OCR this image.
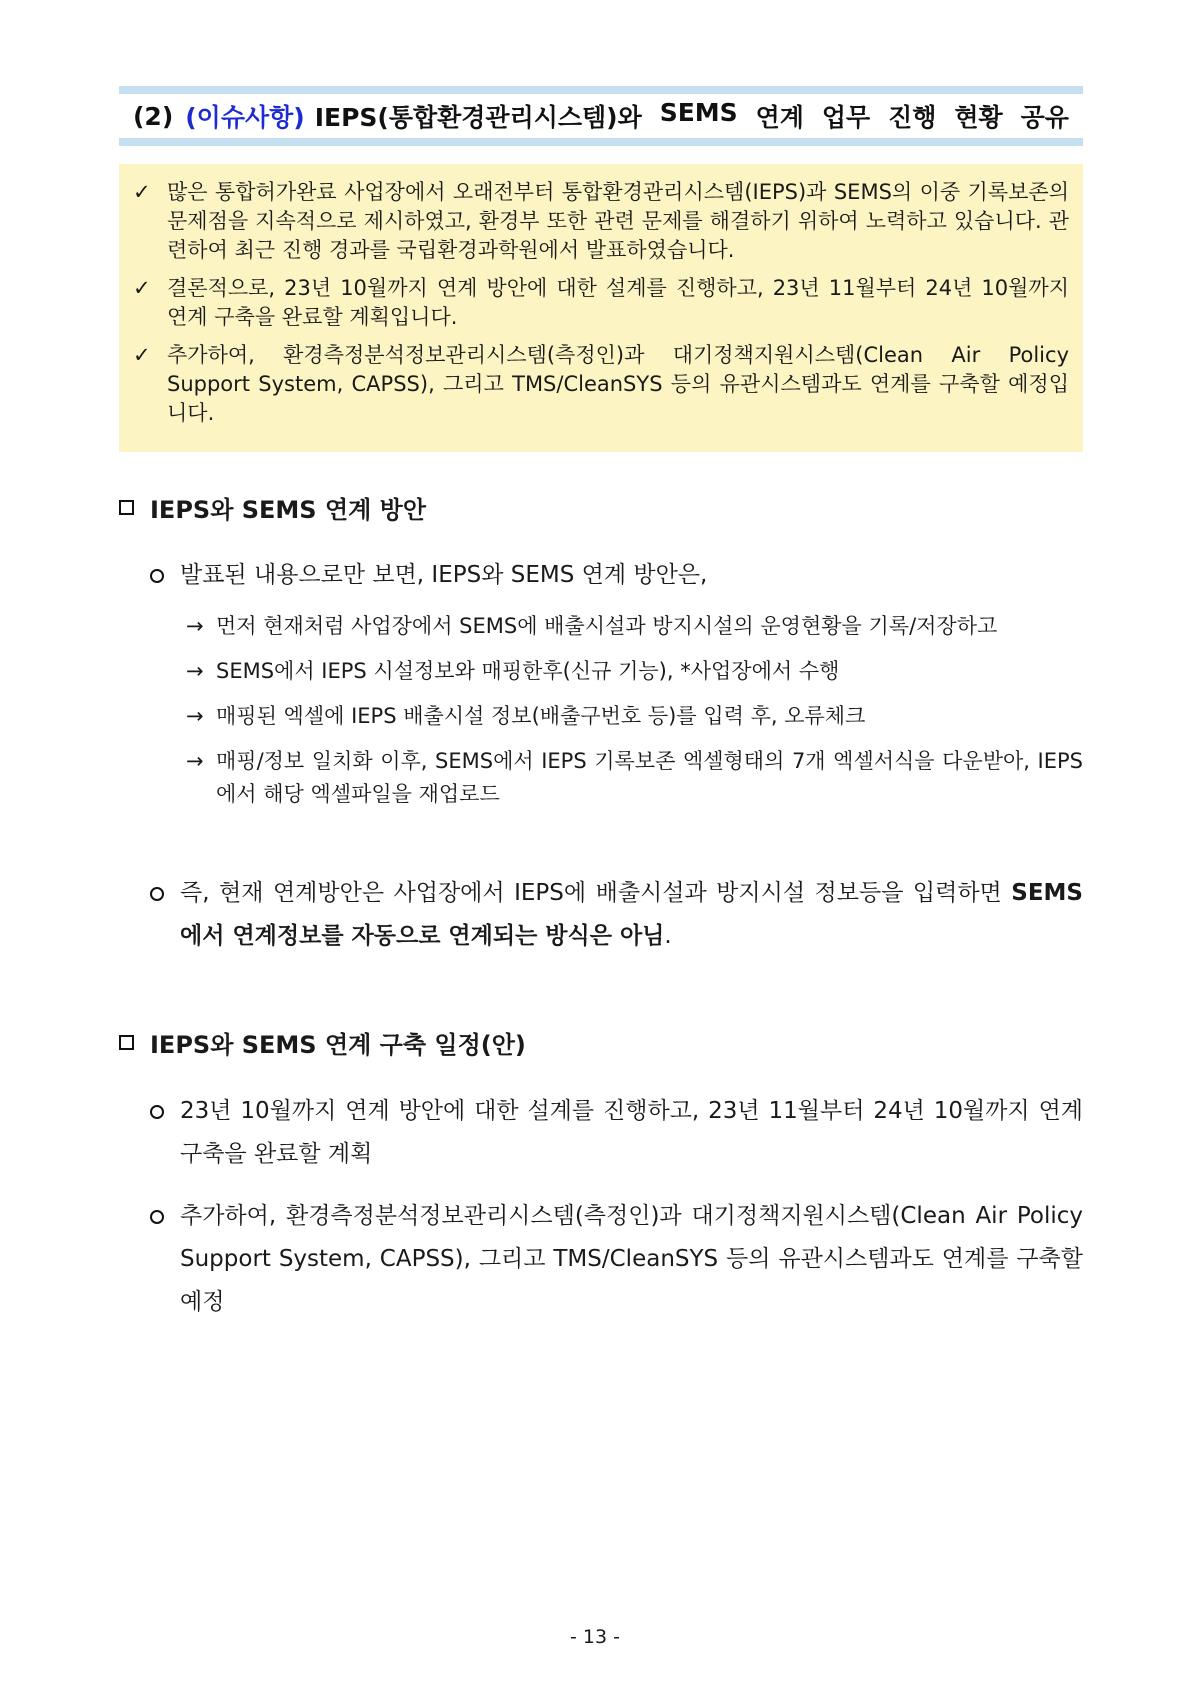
(2) (이슈사항) IEPS(통합환경관리시스템)와 SEMS 연계 업무 진행 현황 공유
✓ 많은 통합허가완료 사업장에서 오래전부터 통합환경관리시스템(IEPS)과 SEMS의 이중 기록보존의 문제점을 지속적으로 제시하였고, 환경부 또한 관련 문제를 해결하기 위하여 노력하고 있습니다. 관련하여 최근 진행 경과를 국립환경과학원에서 발표하였습니다.
✓ 결론적으로, 23년 10월까지 연계 방안에 대한 설계를 진행하고, 23년 11월부터 24년 10월까지 연계 구축을 완료할 계획입니다.
✓ 추가하여, 환경측정분석정보관리시스템(측정인)과 대기정책지원시스템(Clean Air Policy Support System, CAPSS), 그리고 TMS/CleanSYS 등의 유관시스템과도 연계를 구축할 예정입니다.
IEPS와 SEMS 연계 방안
발표된 내용으로만 보면, IEPS와 SEMS 연계 방안은,
→ 먼저 현재처럼 사업장에서 SEMS에 배출시설과 방지시설의 운영현황을 기록/저장하고
→ SEMS에서 IEPS 시설정보와 매핑한후(신규 기능), *사업장에서 수행
→ 매핑된 엑셀에 IEPS 배출시설 정보(배출구번호 등)를 입력 후, 오류체크
→ 매핑/정보 일치화 이후, SEMS에서 IEPS 기록보존 엑셀형태의 7개 엑셀서식을 다운받아, IEPS에서 해당 엑셀파일을 재업로드
즉, 현재 연계방안은 사업장에서 IEPS에 배출시설과 방지시설 정보등을 입력하면 SEMS에서 연계정보를 자동으로 연계되는 방식은 아님.
IEPS와 SEMS 연계 구축 일정(안)
23년 10월까지 연계 방안에 대한 설계를 진행하고, 23년 11월부터 24년 10월까지 연계 구축을 완료할 계획
추가하여, 환경측정분석정보관리시스템(측정인)과 대기정책지원시스템(Clean Air Policy Support System, CAPSS), 그리고 TMS/CleanSYS 등의 유관시스템과도 연계를 구축할 예정
- 13 -
